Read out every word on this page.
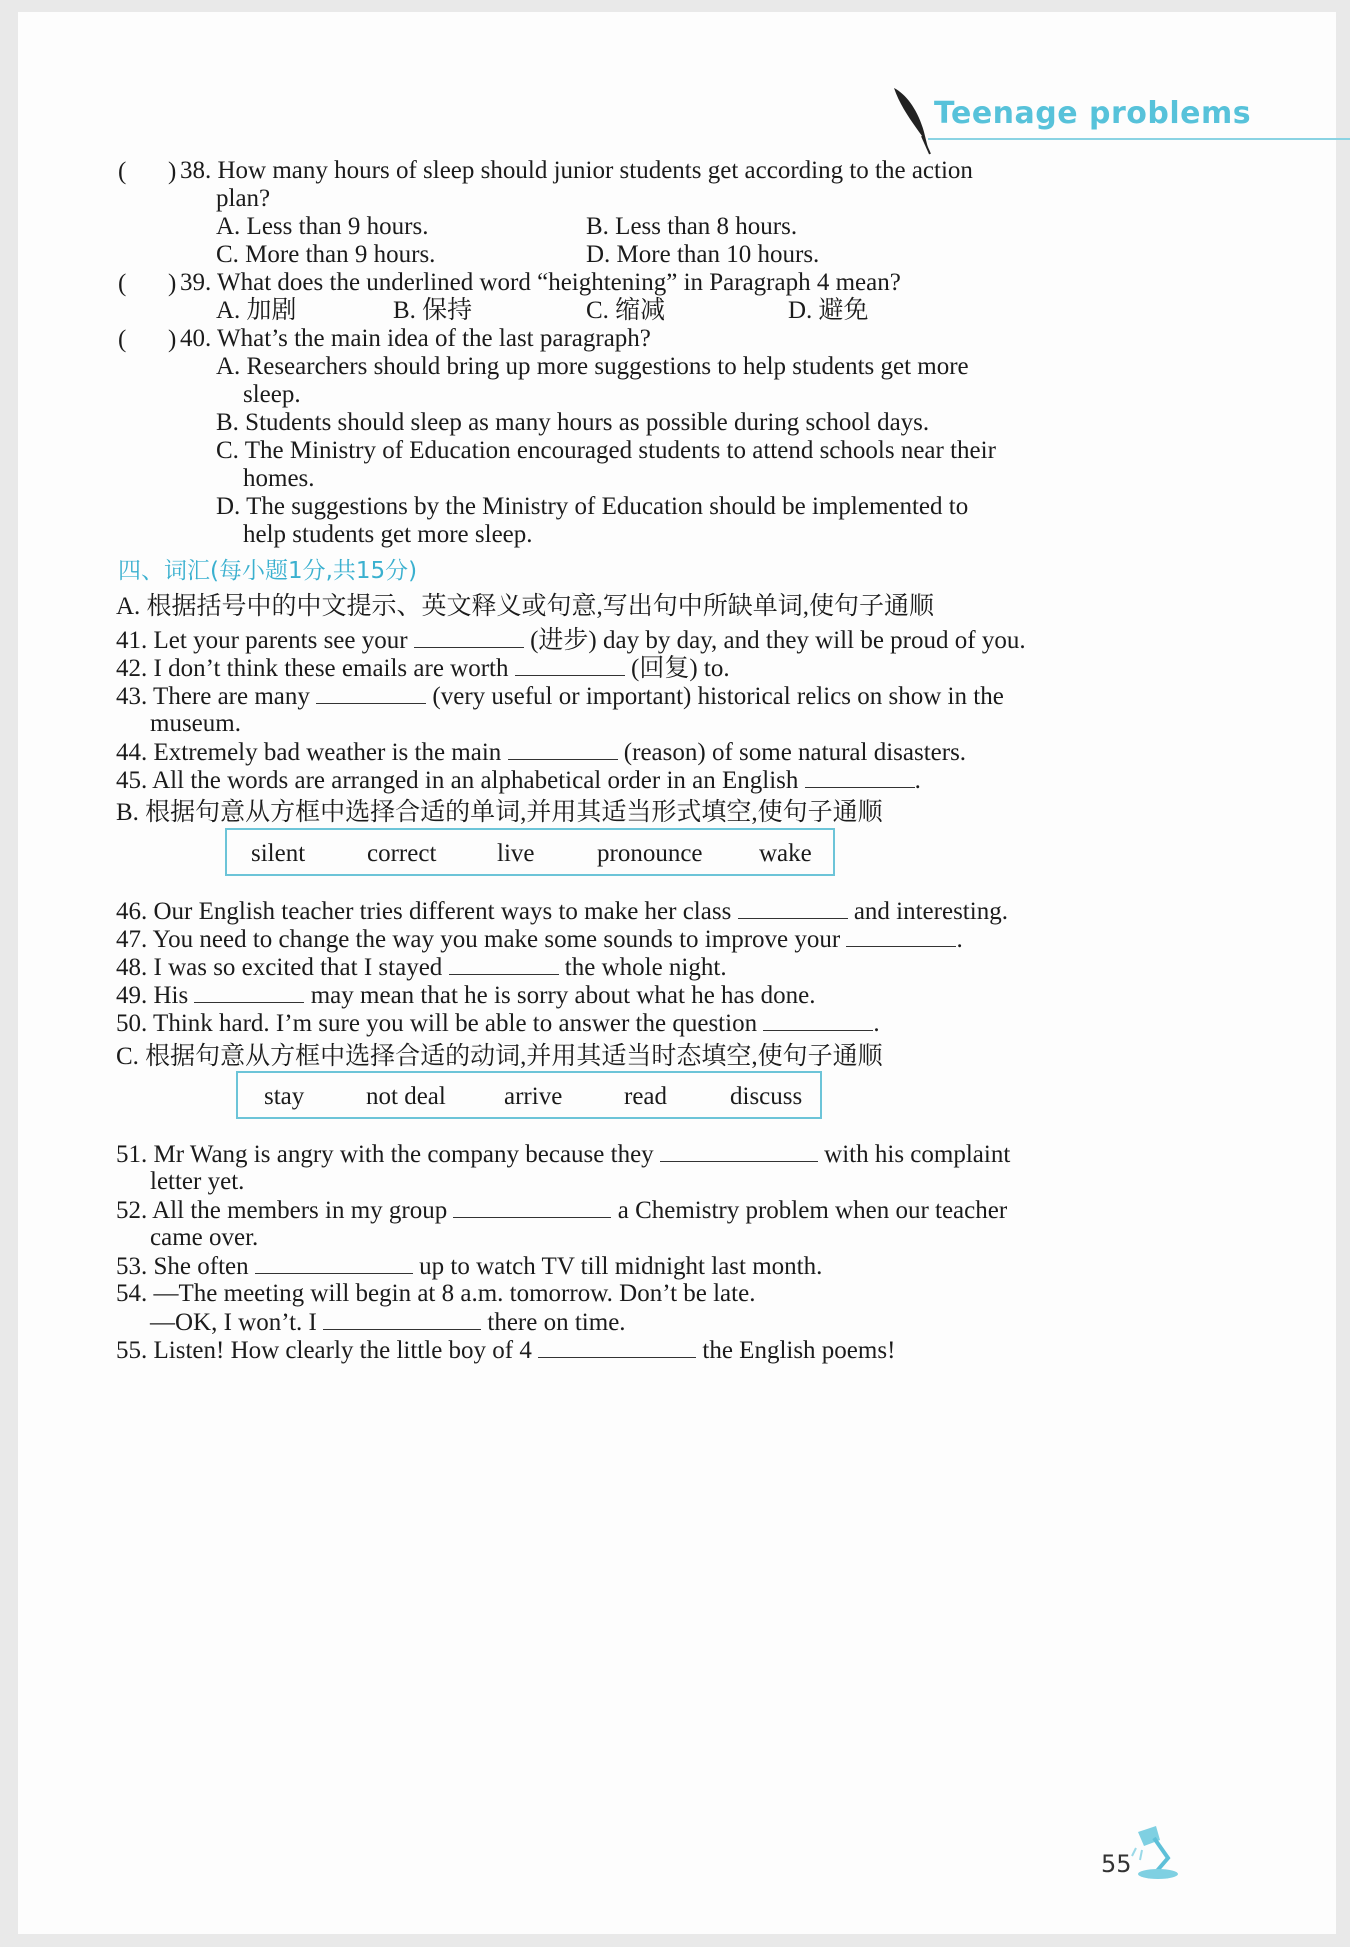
Teenage problems
( ) 38. How many hours of sleep should junior students get according to the action
plan?
A. Less than 9 hours.	B. Less than 8 hours.
C. More than 9 hours.	D. More than 10 hours.
( ) 39. What does the underlined word “heightening” in Paragraph 4 mean?
A. 加剧	B. 保持	C. 缩减	D. 避免
( ) 40. What’s the main idea of the last paragraph?
A. Researchers should bring up more suggestions to help students get more
sleep.
B. Students should sleep as many hours as possible during school days.
C. The Ministry of Education encouraged students to attend schools near their
homes.
D. The suggestions by the Ministry of Education should be implemented to
help students get more sleep.
四、词汇(每小题1分,共15分)
A. 根据括号中的中文提示、英文释义或句意,写出句中所缺单词,使句子通顺
41. Let your parents see your	(进步) day by day, and they will be proud of you.
42. I don’t think these emails are worth	(回复) to.
43. There are many	(very useful or important) historical relics on show in the
museum.
44. Extremely bad weather is the main	(reason) of some natural disasters.
45. All the words are arranged in an alphabetical order in an English	.
B. 根据句意从方框中选择合适的单词,并用其适当形式填空,使句子通顺
silent correct live	pronounce wake
46. Our English teacher tries different ways to make her class	and interesting.
47. You need to change the way you make some sounds to improve your	.
48. I was so excited that I stayed	the whole night.
49. His	may mean that he is sorry about what he has done.
50. Think hard. I’m sure you will be able to answer the question	.
C. 根据句意从方框中选择合适的动词,并用其适当时态填空,使句子通顺
stay not deal arrive read	discuss
51. Mr Wang is angry with the company because they	with his complaint
letter yet.
52. All the members in my group	a Chemistry problem when our teacher
came over.
53. She often	up to watch TV till midnight last month.
54. —The meeting will begin at 8 a.m. tomorrow. Don’t be late.
—OK, I won’t. I	there on time.
55. Listen! How clearly the little boy of 4	the English poems!
55
